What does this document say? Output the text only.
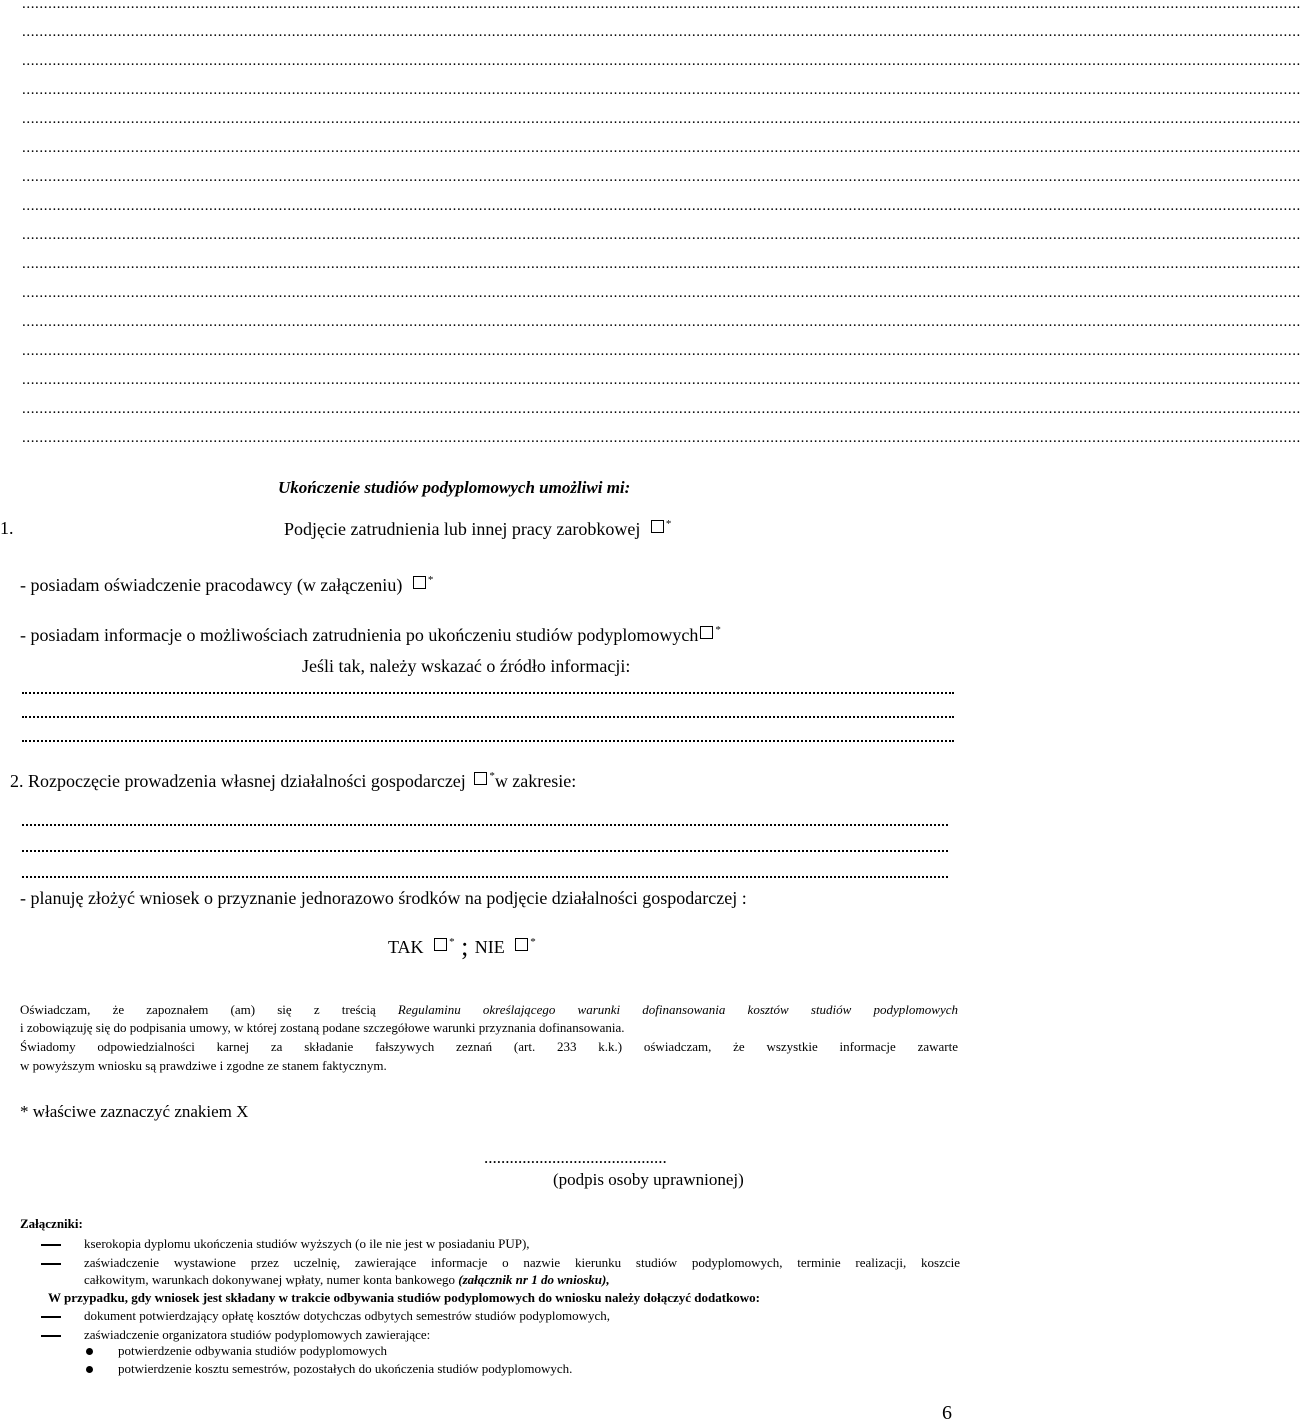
......................................................................................................................................................................................................................................................................................................
......................................................................................................................................................................................................................................................................................................
......................................................................................................................................................................................................................................................................................................
......................................................................................................................................................................................................................................................................................................
......................................................................................................................................................................................................................................................................................................
......................................................................................................................................................................................................................................................................................................
......................................................................................................................................................................................................................................................................................................
......................................................................................................................................................................................................................................................................................................
......................................................................................................................................................................................................................................................................................................
......................................................................................................................................................................................................................................................................................................
......................................................................................................................................................................................................................................................................................................
......................................................................................................................................................................................................................................................................................................
......................................................................................................................................................................................................................................................................................................
......................................................................................................................................................................................................................................................................................................
......................................................................................................................................................................................................................................................................................................
......................................................................................................................................................................................................................................................................................................
Ukończenie studiów podyplomowych umożliwi mi:
1.	Podjęcie zatrudnienia lub innej pracy zarobkowej *
- posiadam oświadczenie pracodawcy (w załączeniu) *
- posiadam informacje o możliwościach zatrudnienia po ukończeniu studiów podyplomowych *
Jeśli tak, należy wskazać o źródło informacji:
2. Rozpoczęcie prowadzenia własnej działalności gospodarczej *w zakresie:
- planuję złożyć wniosek o przyznanie jednorazowo środków na podjęcie działalności gospodarczej :
TAK * ; NIE *
Oświadczam, że zapoznałem (am) się z treścią Regulaminu określającego warunki dofinansowania kosztów studiów podyplomowych
i zobowiązuję się do podpisania umowy, w której zostaną podane szczegółowe warunki przyznania dofinansowania.
Świadomy odpowiedzialności karnej za składanie fałszywych zeznań (art. 233 k.k.) oświadczam, że wszystkie informacje zawarte
w powyższym wniosku są prawdziwe i zgodne ze stanem faktycznym.
* właściwe zaznaczyć znakiem X
...........................................
(podpis osoby uprawnionej)
Załączniki:
kserokopia dyplomu ukończenia studiów wyższych (o ile nie jest w posiadaniu PUP),
zaświadczenie wystawione przez uczelnię, zawierające informacje o nazwie kierunku studiów podyplomowych, terminie realizacji, koszcie
całkowitym, warunkach dokonywanej wpłaty, numer konta bankowego (załącznik nr 1 do wniosku),
W przypadku, gdy wniosek jest składany w trakcie odbywania studiów podyplomowych do wniosku należy dołączyć dodatkowo:
dokument potwierdzający opłatę kosztów dotychczas odbytych semestrów studiów podyplomowych,
zaświadczenie organizatora studiów podyplomowych zawierające:
potwierdzenie odbywania studiów podyplomowych
potwierdzenie kosztu semestrów, pozostałych do ukończenia studiów podyplomowych.
6
